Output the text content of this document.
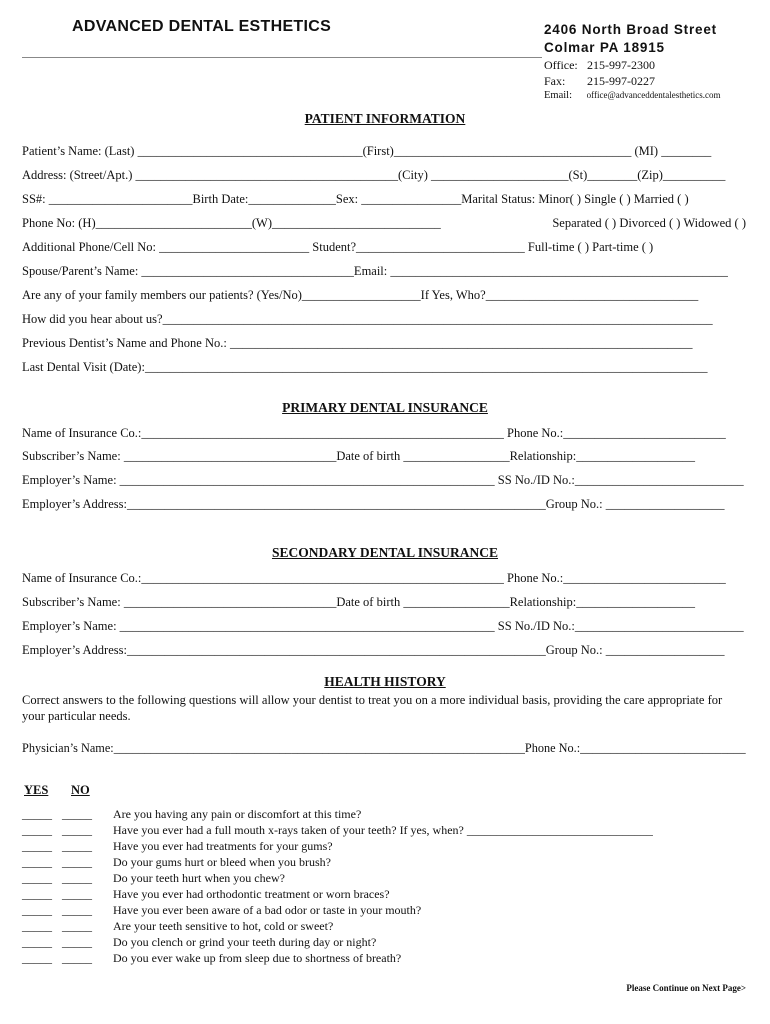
ADVANCED DENTAL ESTHETICS	2406 North Broad Street
Colmar PA 18915
Office: 215-997-2300
Fax: 215-997-0227
Email: office@advanceddentalesthetics.com
PATIENT INFORMATION
Patient’s Name: (Last) ____________________________________(First)______________________________________ (MI) ________
Address: (Street/Apt.) __________________________________________(City) ______________________(St)________(Zip)__________
SS#: _______________________Birth Date:______________Sex: ________________Marital Status: Minor( ) Single ( ) Married ( )
Phone No: (H)_________________________(W)___________________________	Separated ( ) Divorced ( ) Widowed ( )
Additional Phone/Cell No: ________________________ Student?___________________________ Full-time ( ) Part-time ( )
Spouse/Parent’s Name: __________________________________Email: ______________________________________________________
Are any of your family members our patients? (Yes/No)___________________If Yes, Who?__________________________________
How did you hear about us?________________________________________________________________________________________
Previous Dentist’s Name and Phone No.: __________________________________________________________________________
Last Dental Visit (Date):__________________________________________________________________________________________
PRIMARY DENTAL INSURANCE
Name of Insurance Co.:__________________________________________________________ Phone No.:__________________________
Subscriber’s Name: __________________________________Date of birth _________________Relationship:___________________
Employer’s Name: ____________________________________________________________ SS No./ID No.:___________________________
Employer’s Address:___________________________________________________________________Group No.: ___________________
SECONDARY DENTAL INSURANCE
Name of Insurance Co.:__________________________________________________________ Phone No.:__________________________
Subscriber’s Name: __________________________________Date of birth _________________Relationship:___________________
Employer’s Name: ____________________________________________________________ SS No./ID No.:___________________________
Employer’s Address:___________________________________________________________________Group No.: ___________________
HEALTH HISTORY
Correct answers to the following questions will allow your dentist to treat you on a more individual basis, providing the care appropriate for your particular needs.
Physician’s Name:___________________________________________________________________Phone No.:___________________________
YES NO
_____ _____ Are you having any pain or discomfort at this time?
_____ _____ Have you ever had a full mouth x-rays taken of your teeth? If yes, when? _______________________________
_____ _____ Have you ever had treatments for your gums?
_____ _____ Do your gums hurt or bleed when you brush?
_____ _____ Do your teeth hurt when you chew?
_____ _____ Have you ever had orthodontic treatment or worn braces?
_____ _____ Have you ever been aware of a bad odor or taste in your mouth?
_____ _____ Are your teeth sensitive to hot, cold or sweet?
_____ _____ Do you clench or grind your teeth during day or night?
_____ _____ Do you ever wake up from sleep due to shortness of breath?
Please Continue on Next Page>
